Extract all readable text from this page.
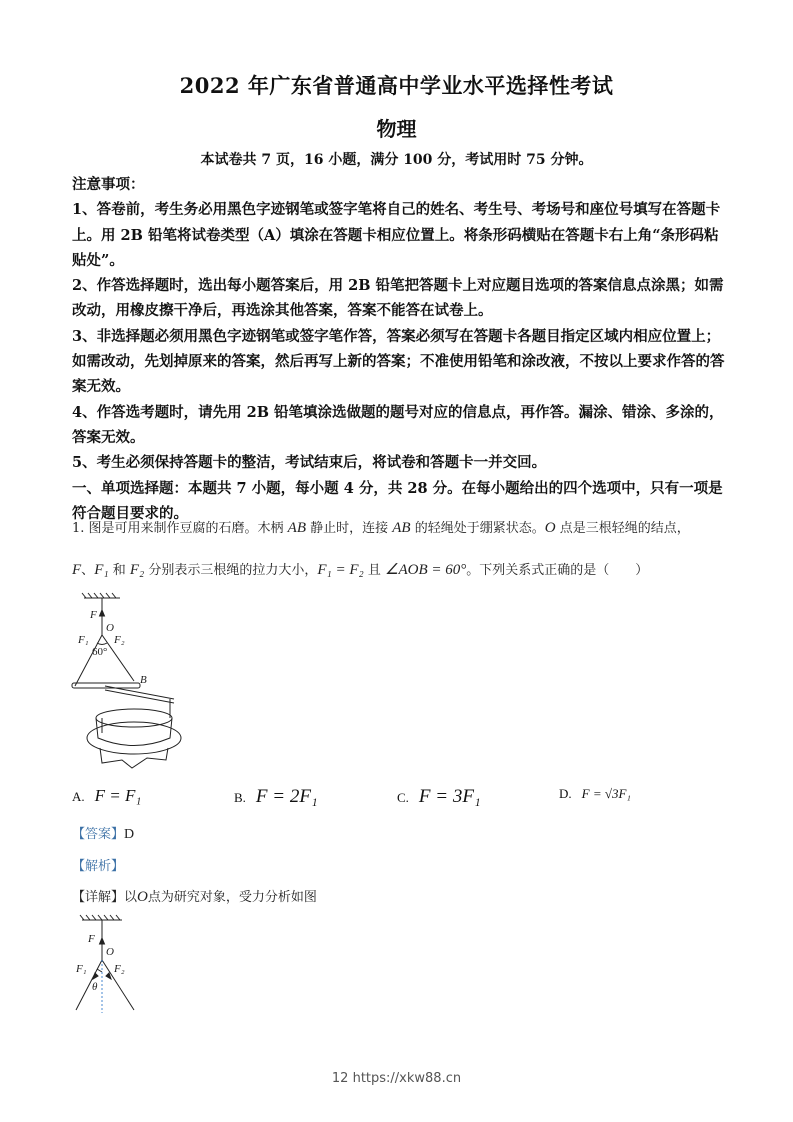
2022 年广东省普通高中学业水平选择性考试
物理
本试卷共 7 页，16 小题，满分 100 分，考试用时 75 分钟。

注意事项：

1、答卷前，考生务必用黑色字迹钢笔或签字笔将自己的姓名、考生号、考场号和座位号填写在答题卡上。用 2B 铅笔将试卷类型（A）填涂在答题卡相应位置上。将条形码横贴在答题卡右上角“条形码粘贴处”。

2、作答选择题时，选出每小题答案后，用 2B 铅笔把答题卡上对应题目选项的答案信息点涂黑；如需改动，用橡皮擦干净后，再选涂其他答案，答案不能答在试卷上。

3、非选择题必须用黑色字迹钢笔或签字笔作答，答案必须写在答题卡各题目指定区域内相应位置上；如需改动，先划掉原来的答案，然后再写上新的答案；不准使用铅笔和涂改液，不按以上要求作答的答案无效。

4、作答选考题时，请先用 2B 铅笔填涂选做题的题号对应的信息点，再作答。漏涂、错涂、多涂的，答案无效。

5、考生必须保持答题卡的整洁，考试结束后，将试卷和答题卡一并交回。

一、单项选择题：本题共 7 小题，每小题 4 分，共 28 分。在每小题给出的四个选项中，只有一项是符合题目要求的。

1. 图是可用来制作豆腐的石磨。木柄 AB 静止时，连接 AB 的轻绳处于绷紧状态。O 点是三根轻绳的结点，

F、F₁ 和 F₂ 分别表示三根绳的拉力大小，F₁ = F₂ 且 ∠AOB = 60°。下列关系式正确的是（　　）

F
O
F₁ F₂
B
60°
A. F = F₁	B. F = 2F₁	C. F = 3F₁	D. F = √3F₁
【答案】D
【解析】
【详解】以O点为研究对象，受力分析如图
F
O
F₁ F₂
θ
12 https://xkw88.cn
